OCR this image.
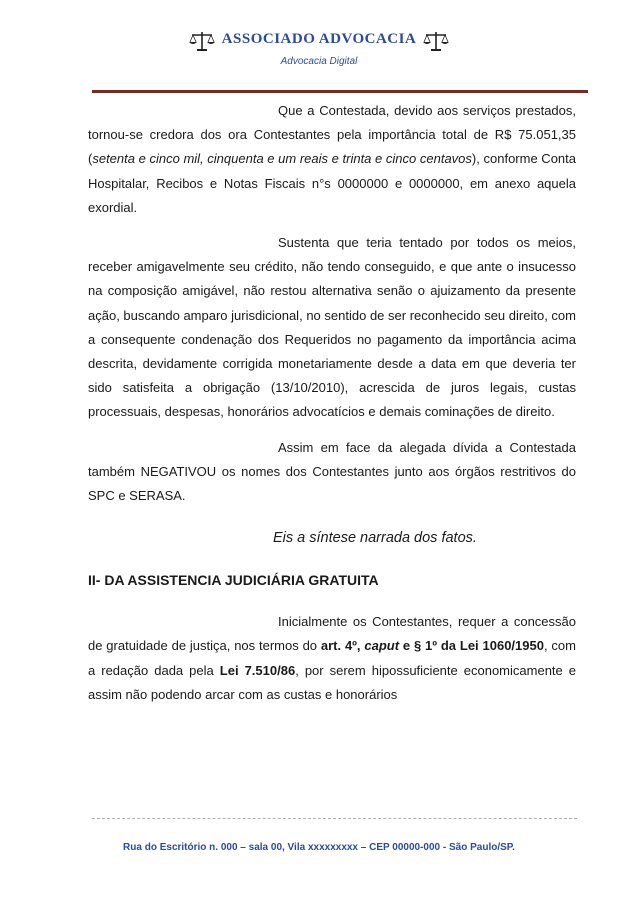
ASSOCIADO ADVOCACIA
Advocacia Digital

Que a Contestada, devido aos serviços prestados, tornou-se credora dos ora Contestantes pela importância total de R$ 75.051,35 (setenta e cinco mil, cinquenta e um reais e trinta e cinco centavos), conforme Conta Hospitalar, Recibos e Notas Fiscais n°s 0000000 e 0000000, em anexo aquela exordial.

Sustenta que teria tentado por todos os meios, receber amigavelmente seu crédito, não tendo conseguido, e que ante o insucesso na composição amigável, não restou alternativa senão o ajuizamento da presente ação, buscando amparo jurisdicional, no sentido de ser reconhecido seu direito, com a consequente condenação dos Requeridos no pagamento da importância acima descrita, devidamente corrigida monetariamente desde a data em que deveria ter sido satisfeita a obrigação (13/10/2010), acrescida de juros legais, custas processuais, despesas, honorários advocatícios e demais cominações de direito.

Assim em face da alegada dívida a Contestada também NEGATIVOU os nomes dos Contestantes junto aos órgãos restritivos do SPC e SERASA.

Eis a síntese narrada dos fatos.

II- DA ASSISTENCIA JUDICIÁRIA GRATUITA

Inicialmente os Contestantes, requer a concessão de gratuidade de justiça, nos termos do art. 4º, caput e § 1º da Lei 1060/1950, com a redação dada pela Lei 7.510/86, por serem hipossuficiente economicamente e assim não podendo arcar com as custas e honorários

Rua do Escritório n. 000 – sala 00, Vila xxxxxxxxx – CEP 00000-000 - São Paulo/SP.
